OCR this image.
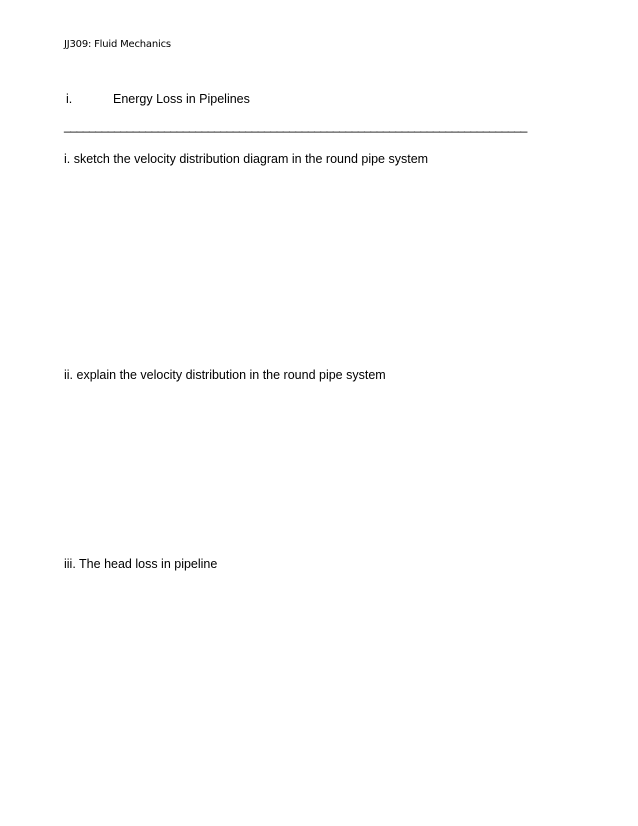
JJ309: Fluid Mechanics
i.	Energy Loss in Pipelines
__________________________________________________________________________
i. sketch the velocity distribution diagram in the round pipe system
ii. explain the velocity distribution in the round pipe system
iii. The head loss in pipeline
